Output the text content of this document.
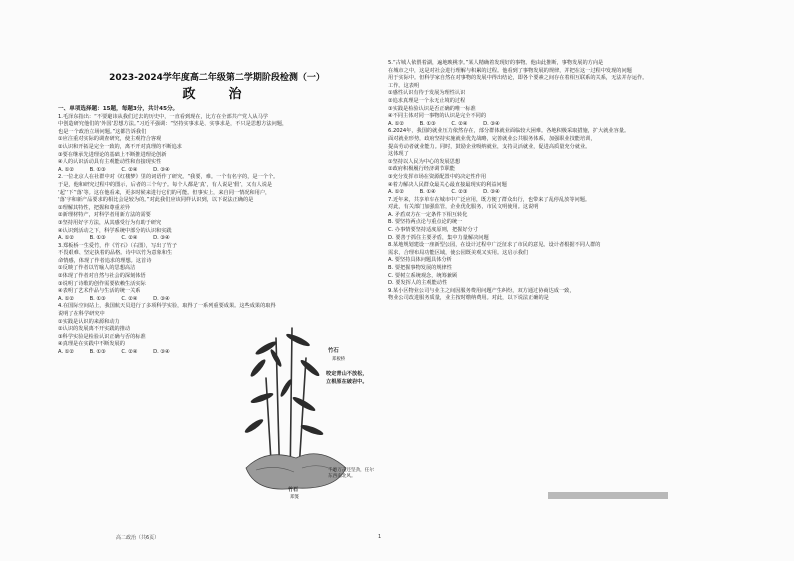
2023-2024学年度高二年级第二学期阶段检测（一）
政　治
一、单项选择题：15题，每题3分，共计45分。
1.毛泽东指出：“不要避讳从我们过去的历史中，一直看到现在，比方在全部共产党人从马学
中创造研究他们的‘外国’思想方法。”习近平强调：“坚持实事求是、实事求是，不只是思想方法问题，
也是一个政治立场问题。”这都告诉我们
①应注重对实际的调查研究，使主观符合客观
②认识和开拓是完全一致的，离不开对真理的不断追求
③要在继承先进理论的基础上不断推进理论创新
④人的认识活动具有主观能动性和直接现实性
A. ①②　　　B. ①③　　　C. ②④　　　D. ③④
2.一位北京人在社群中对《红楼梦》里的词语作了研究。“我要，难。一个有名字的，是一个个。
于是，他和研究过程中的图示，后者的三个句子。每个人都是‘真’，有人说是‘假’，又有人说是
‘起’‘下’‘落’等。这在他看来，更多时候来进行它们的可能。但事实上，来自同一情况和用户，
‘落’字和新产品要求的相比会是较为的。”对此我们应该同样认识到，以下说法正确的是
①理解其特性，把握和尊重差异
②新理材特产，对科学者用新方法的需要
③坚持用好字方法，从其感受行为有助于研究
④认识到活动之下，科学系统中部分的认识和实践
A. ①②　　　B. ①③　　　C. ②④　　　D. ③④
3.郑板桥一生爱竹，作《竹石》（右图），写出了竹子
不畏艰难、坚定执着的品格。诗中以竹为意象和生
命情感，体现了作者追求的理想。这首诗
①反映了作者以竹喻人的思想高洁
②体现了作者对自然与社会的深刻体悟
③说明了诗歌的创作需要依赖生活实际
④表明了艺术作品与生活的统一关系
A. ①②　　　B. ①③　　　C. ②④　　　D. ③④
4.在国际空间站上，我国航天员进行了多项科学实验，取得了一系列重要成果。这些成果的取得
说明了在科学研究中
①实践是认识的来源和动力
②认识的发展离不开实践的推动
③科学实验是检验认识正确与否的标准
④真理是在实践中不断发展的
A. ①②　　　B. ①③　　　C. ②④　　　D. ③④	竹石
郑板桥
咬定青山不放松，立根原在破岩中。
千磨万击还坚劲，任尔东西南北风。
竹石
郑燮
5.“古城人依偎着湖，遍地映桃李。”某人精确着发现好的事物。他由此推断，事物发展的方向是
在城市之中，这是对社会进行理解与积累的过程。他看到了事物发展的规律，并把在这一过程中发现的问题
用于实际中。但科学家自然在对事物的发展中得出结论，即各个要素之间存在着相互联系的关系，无法并存运作。
工作。这表明
①感性认识有待于发展为理性认识
②追求真理是一个永无止境的过程
③实践是检验认识是否正确的唯一标准
④不同主体对同一事物的认识是完全不同的
A. ①②　　　B. ①③　　　C. ②④　　　D. ③④
6.2024年，我国的就业压力依然存在，部分群体就业面临较大困难。各地积极采取措施，扩大就业容量。
面对就业形势，政府坚持实施就业优先战略，完善就业公共服务体系，加强职业技能培训，
提高劳动者就业能力。同时，鼓励企业吸纳就业，支持灵活就业，促进高质量充分就业。
这体现了
①坚持以人民为中心的发展思想
②政府积极履行经济调节职能
③充分发挥市场在资源配置中的决定性作用
④着力解决人民群众最关心最直接最现实的利益问题
A. ①②　　　B. ①④　　　C. ②③　　　D. ③④
7.近年来，共享单车在城市中广泛应用，既方便了群众出行，也带来了乱停乱放等问题。
对此，有关部门加强监管，企业优化服务，市民文明使用。这说明
A. 矛盾双方在一定条件下相互转化
B. 要坚持两点论与重点论的统一
C. 办事情要坚持适度原则，把握好分寸
D. 要善于抓住主要矛盾，集中力量解决问题
8.某地规划建设一座新型公园，在设计过程中广泛征求了市民的意见。设计者根据不同人群的
需求，合理布局功能区域，使公园既美观又实用。这启示我们
A. 要坚持具体问题具体分析
B. 要把握事物发展的规律性
C. 要树立系统观念，统筹兼顾
D. 要发挥人的主观能动性
9.某小区物业公司与业主之间因服务费用问题产生纠纷，双方通过协商达成一致，
物业公司改进服务质量，业主按时缴纳费用。对此，以下说法正确的是
高二政治（共6页）	1
